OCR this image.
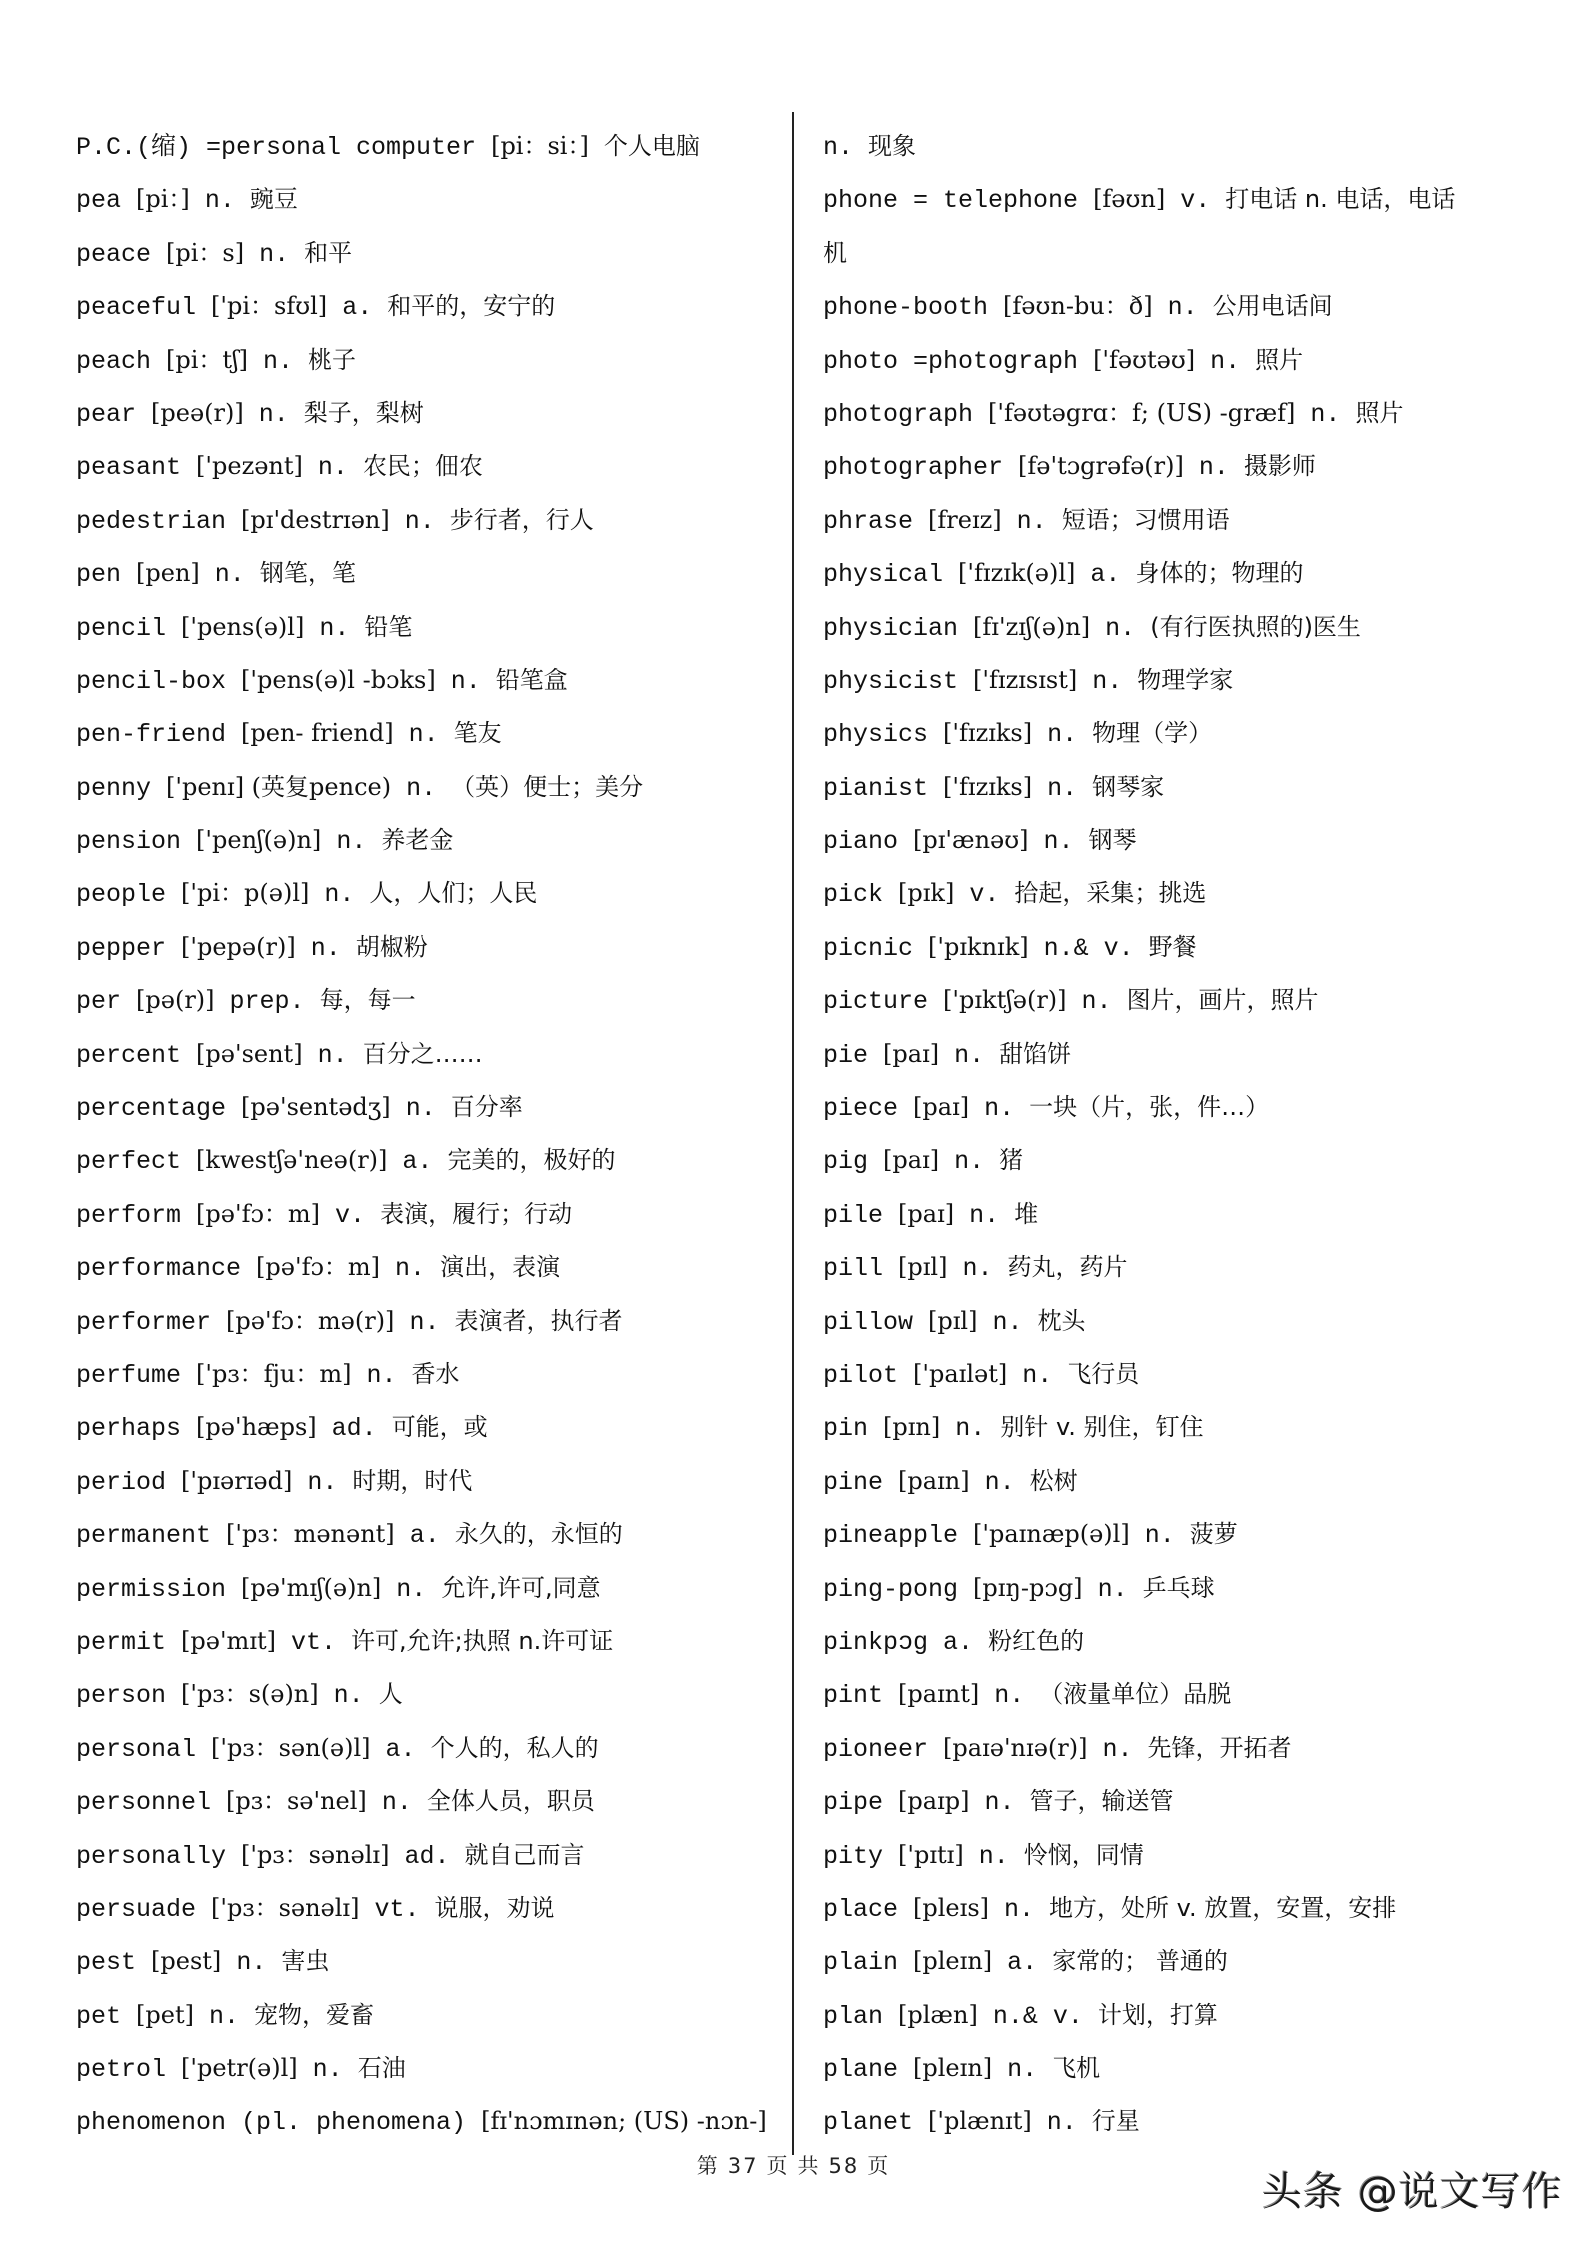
P.C.(缩) =personal computer [pi：si：] 个人电脑
pea [pi：] n. 豌豆
peace [pi：s] n. 和平
peaceful ['pi：sfʊl] a. 和平的，安宁的
peach [pi：tʃ] n. 桃子
pear [peə(r)] n. 梨子，梨树
peasant ['pezənt] n. 农民；佃农
pedestrian [pɪ'destrɪən] n. 步行者，行人
pen [pen] n. 钢笔，笔
pencil ['pens(ə)l] n. 铅笔
pencil-box ['pens(ə)l -bɔks] n. 铅笔盒
pen-friend [pen- friend] n. 笔友
penny ['penɪ] (英复pence) n. （英）便士；美分
pension ['penʃ(ə)n] n. 养老金
people ['pi：p(ə)l] n. 人，人们；人民
pepper ['pepə(r)] n. 胡椒粉
per [pə(r)] prep. 每，每一
percent [pə'sent] n. 百分之……
percentage [pə'sentədʒ] n. 百分率
perfect [kwestʃə'neə(r)] a. 完美的，极好的
perform [pə'fɔ：m] v. 表演，履行；行动
performance [pə'fɔ：m] n. 演出，表演
performer [pə'fɔ：mə(r)] n. 表演者，执行者
perfume ['pɜ：fju：m] n. 香水
perhaps [pə'hæps] ad. 可能，或
period ['pɪərɪəd] n. 时期，时代
permanent ['pɜ：mənənt] a. 永久的，永恒的
permission [pə'mɪʃ(ə)n] n. 允许,许可,同意
permit [pə'mɪt] vt. 许可,允许;执照 n.许可证
person ['pɜ：s(ə)n] n. 人
personal ['pɜ：sən(ə)l] a. 个人的，私人的
personnel [pɜ：sə'nel] n. 全体人员，职员
personally ['pɜ：sənəlɪ] ad. 就自己而言
persuade ['pɜ：sənəlɪ] vt. 说服，劝说
pest [pest] n. 害虫
pet [pet] n. 宠物，爱畜
petrol ['petr(ə)l] n. 石油
phenomenon (pl. phenomena) [fɪ'nɔmɪnən; (US) -nɔn-]
n. 现象
phone = telephone [fəʊn] v. 打电话 n. 电话，电话
机
phone-booth [fəʊn-bu：ð] n. 公用电话间
photo =photograph ['fəʊtəʊ] n. 照片
photograph ['fəʊtəgrɑ：f; (US) -græf] n. 照片
photographer [fə'tɔgrəfə(r)] n. 摄影师
phrase [freɪz] n. 短语；习惯用语
physical ['fɪzɪk(ə)l] a. 身体的；物理的
physician [fɪ'zɪʃ(ə)n] n. (有行医执照的)医生
physicist ['fɪzɪsɪst] n. 物理学家
physics ['fɪzɪks] n. 物理（学）
pianist ['fɪzɪks] n. 钢琴家
piano [pɪ'ænəʊ] n. 钢琴
pick [pɪk] v. 拾起，采集；挑选
picnic ['pɪknɪk] n.& v. 野餐
picture ['pɪktʃə(r)] n. 图片，画片，照片
pie [paɪ] n. 甜馅饼
piece [paɪ] n. 一块（片，张，件…）
pig [paɪ] n. 猪
pile [paɪ] n. 堆
pill [pɪl] n. 药丸，药片
pillow [pɪl] n. 枕头
pilot ['paɪlət] n. 飞行员
pin [pɪn] n. 别针 v. 别住，钉住
pine [paɪn] n. 松树
pineapple ['paɪnæp(ə)l] n. 菠萝
ping-pong [pɪŋ-pɔg] n. 乒乓球
pinkpɔg a. 粉红色的
pint [paɪnt] n. （液量单位）品脱
pioneer [paɪə'nɪə(r)] n. 先锋，开拓者
pipe [paɪp] n. 管子，输送管
pity ['pɪtɪ] n. 怜悯，同情
place [pleɪs] n. 地方，处所 v. 放置，安置，安排
plain [pleɪn] a. 家常的； 普通的
plan [plæn] n.& v. 计划，打算
plane [pleɪn] n. 飞机
planet ['plænɪt] n. 行星
第 37 页 共 58 页
头条 @说文写作
